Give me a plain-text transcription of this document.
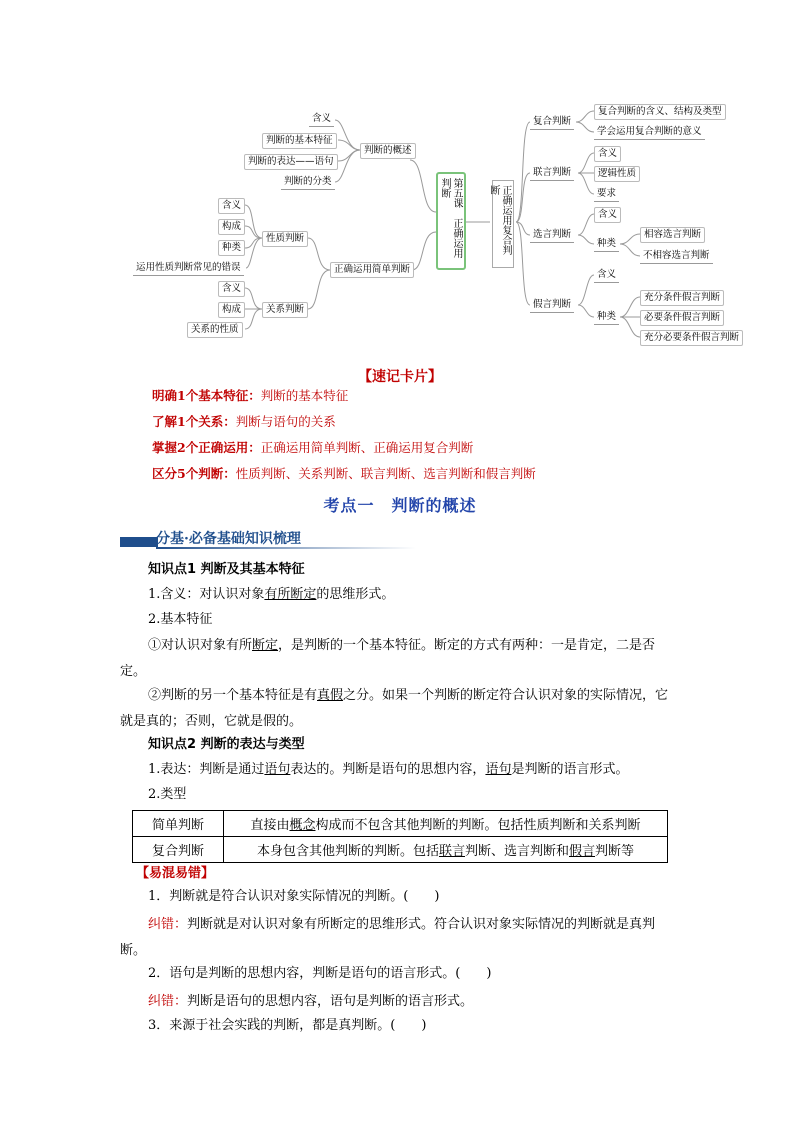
第五课　正确运用判断	正确运用复合判断
判断的概述
含义
判断的基本特征
判断的表达——语句
判断的分类
正确运用简单判断
性质判断
含义
构成
种类
运用性质判断常见的错误
关系判断
含义
构成
关系的性质
复合判断
复合判断的含义、结构及类型
学会运用复合判断的意义
联言判断
含义
逻辑性质
要求
选言判断
含义
种类
相容选言判断
不相容选言判断
假言判断
含义
种类
充分条件假言判断
必要条件假言判断
充分必要条件假言判断
【速记卡片】
明确1个基本特征：判断的基本特征
了解1个关系：判断与语句的关系
掌握2个正确运用：正确运用简单判断、正确运用复合判断
区分5个判断：性质判断、关系判断、联言判断、选言判断和假言判断
考点一　判断的概述
分基·必备基础知识梳理
知识点1 判断及其基本特征
1.含义：对认识对象有所断定的思维形式。
2.基本特征
①对认识对象有所断定，是判断的一个基本特征。断定的方式有两种：一是肯定，二是否定。
②判断的另一个基本特征是有真假之分。如果一个判断的断定符合认识对象的实际情况，它就是真的；否则，它就是假的。
知识点2 判断的表达与类型
1.表达：判断是通过语句表达的。判断是语句的思想内容，语句是判断的语言形式。
2.类型
简单判断	直接由概念构成而不包含其他判断的判断。包括性质判断和关系判断
复合判断	本身包含其他判断的判断。包括联言判断、选言判断和假言判断等
【易混易错】
1．判断就是符合认识对象实际情况的判断。(　　)
纠错：判断就是对认识对象有所断定的思维形式。符合认识对象实际情况的判断就是真判断。
2．语句是判断的思想内容，判断是语句的语言形式。(　　)
纠错：判断是语句的思想内容，语句是判断的语言形式。
3．来源于社会实践的判断，都是真判断。(　　)
